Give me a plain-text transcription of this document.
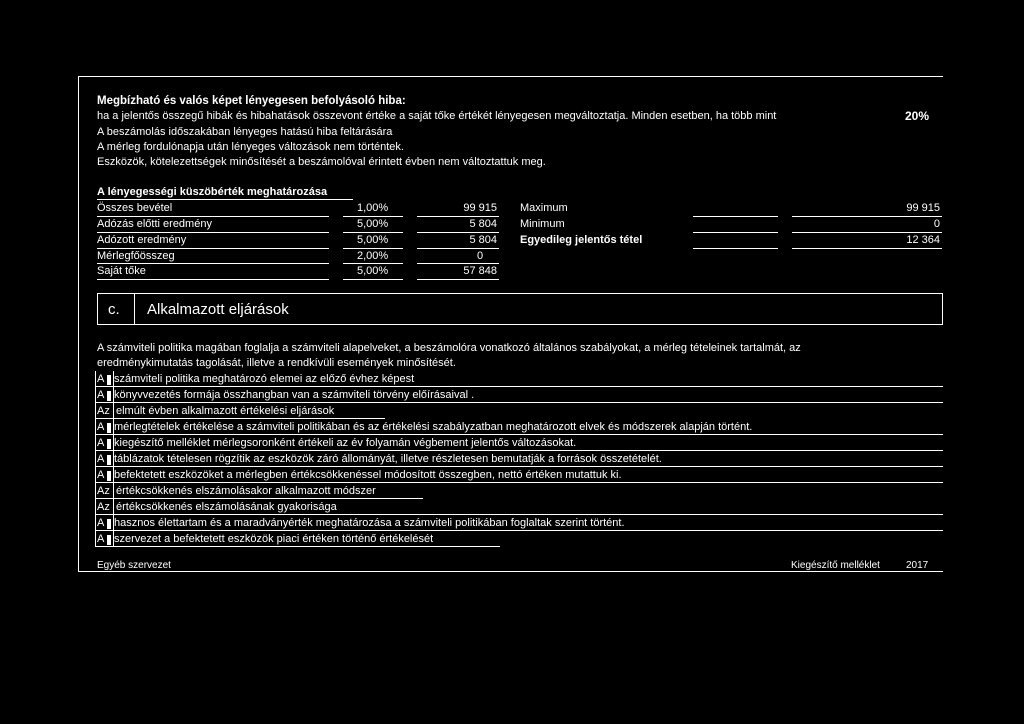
Megbízható és valós képet lényegesen befolyásoló hiba:
ha a jelentős összegű hibák és hibahatások összevont értéke a saját tőke értékét lényegesen megváltoztatja. Minden esetben, ha több mint	20%
A beszámolás időszakában lényeges hatású hiba feltárására
A mérleg fordulónapja után lényeges változások nem történtek.
Eszközök, kötelezettségek minősítését a beszámolóval érintett évben nem változtattuk meg.
A lényegességi küszöbérték meghatározása
Összes bevétel	1,00%	99 915
Adózás előtti eredmény	5,00%	5 804
Adózott eredmény	5,00%	5 804
Mérlegfőösszeg	2,00%	0
Saját tőke	5,00%	57 848
Maximum	99 915
Minimum	0
Egyedileg jelentős tétel	12 364
c. Alkalmazott eljárások
A számviteli politika magában foglalja a számviteli alapelveket, a beszámolóra vonatkozó általános szabályokat, a mérleg tételeinek tartalmát, az
eredménykimutatás tagolását, illetve a rendkívüli események minősítését.
A számviteli politika meghatározó elemei az előző évhez képest
A könyvvezetés formája összhangban van a számviteli törvény előírásaival .
Az elmúlt évben alkalmazott értékelési eljárások
A mérlegtételek értékelése a számviteli politikában és az értékelési szabályzatban meghatározott elvek és módszerek alapján történt.
A kiegészítő melléklet mérlegsoronként értékeli az év folyamán végbement jelentős változásokat.
A táblázatok tételesen rögzítik az eszközök záró állományát, illetve részletesen bemutatják a források összetételét.
A befektetett eszközöket a mérlegben értékcsökkenéssel módosított összegben, nettó értéken mutattuk ki.
Az értékcsökkenés elszámolásakor alkalmazott módszer
Az értékcsökkenés elszámolásának gyakorisága
A hasznos élettartam és a maradványérték meghatározása a számviteli politikában foglaltak szerint történt.
A szervezet a befektetett eszközök piaci értéken történő értékelését
Egyéb szervezet	Kiegészítő melléklet	2017
